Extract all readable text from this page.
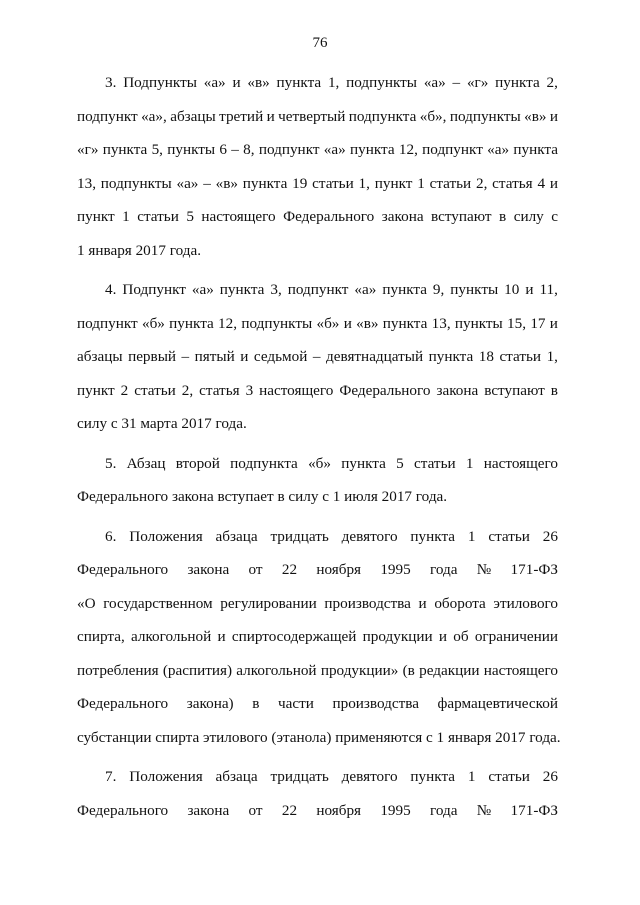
76
3. Подпункты «а» и «в» пункта 1, подпункты «а» – «г» пункта 2,
подпункт «а», абзацы третий и четвертый подпункта «б», подпункты «в» и
«г» пункта 5, пункты 6 – 8, подпункт «а» пункта 12, подпункт «а» пункта
13, подпункты «а» – «в» пункта 19 статьи 1, пункт 1 статьи 2, статья 4 и
пункт 1 статьи 5 настоящего Федерального закона вступают в силу с
1 января 2017 года.
4. Подпункт «а» пункта 3, подпункт «а» пункта 9, пункты 10 и 11,
подпункт «б» пункта 12, подпункты «б» и «в» пункта 13, пункты 15, 17 и
абзацы первый – пятый и седьмой – девятнадцатый пункта 18 статьи 1,
пункт 2 статьи 2, статья 3 настоящего Федерального закона вступают в
силу с 31 марта 2017 года.
5. Абзац второй подпункта «б» пункта 5 статьи 1 настоящего
Федерального закона вступает в силу с 1 июля 2017 года.
6. Положения абзаца тридцать девятого пункта 1 статьи 26
Федерального закона от 22 ноября 1995 года № 171-ФЗ
«О государственном регулировании производства и оборота этилового
спирта, алкогольной и спиртосодержащей продукции и об ограничении
потребления (распития) алкогольной продукции» (в редакции настоящего
Федерального закона) в части производства фармацевтической
субстанции спирта этилового (этанола) применяются с 1 января 2017 года.
7. Положения абзаца тридцать девятого пункта 1 статьи 26
Федерального закона от 22 ноября 1995 года № 171-ФЗ
